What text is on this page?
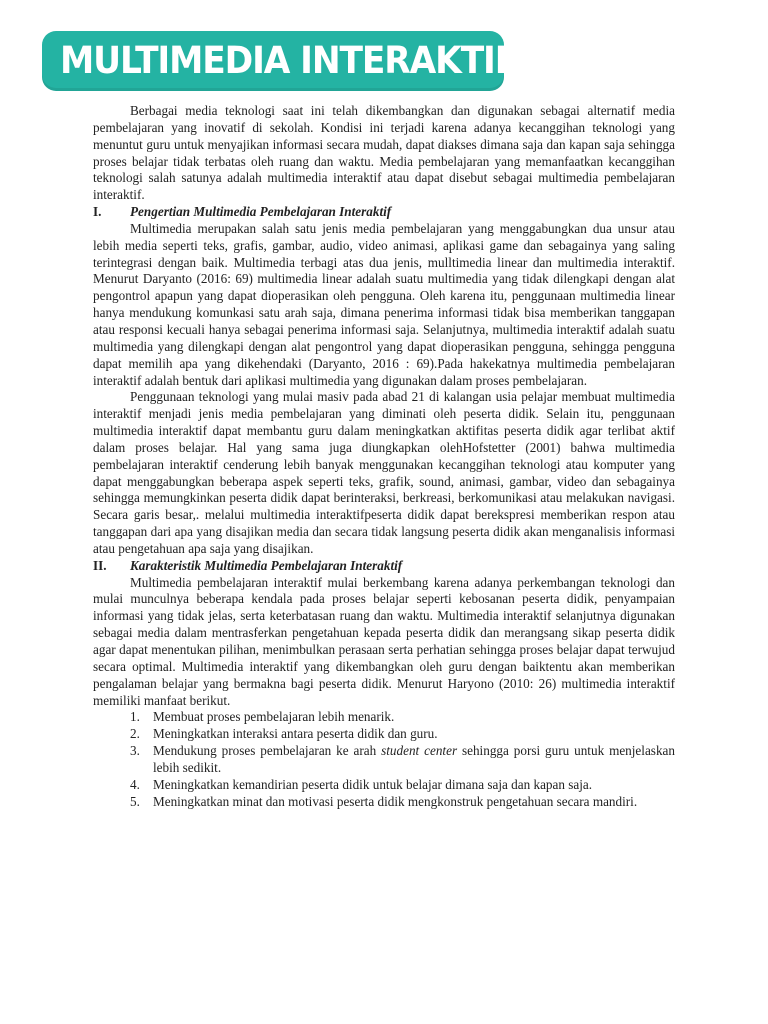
MULTIMEDIA INTERAKTIF

Berbagai media teknologi saat ini telah dikembangkan dan digunakan sebagai alternatif media pembelajaran yang inovatif di sekolah. Kondisi ini terjadi karena adanya kecanggihan teknologi yang menuntut guru untuk menyajikan informasi secara mudah, dapat diakses dimana saja dan kapan saja sehingga proses belajar tidak terbatas oleh ruang dan waktu. Media pembelajaran yang memanfaatkan kecanggihan teknologi salah satunya adalah multimedia interaktif atau dapat disebut sebagai multimedia pembelajaran interaktif.

I.	Pengertian Multimedia Pembelajaran Interaktif

Multimedia merupakan salah satu jenis media pembelajaran yang menggabungkan dua unsur atau lebih media seperti teks, grafis, gambar, audio, video animasi, aplikasi game dan sebagainya yang saling terintegrasi dengan baik. Multimedia terbagi atas dua jenis, mulltimedia linear dan multimedia interaktif. Menurut Daryanto (2016: 69) multimedia linear adalah suatu multimedia yang tidak dilengkapi dengan alat pengontrol apapun yang dapat dioperasikan oleh pengguna. Oleh karena itu, penggunaan multimedia linear hanya mendukung komunkasi satu arah saja, dimana penerima informasi tidak bisa memberikan tanggapan atau responsi kecuali hanya sebagai penerima informasi saja. Selanjutnya, multimedia interaktif adalah suatu multimedia yang dilengkapi dengan alat pengontrol yang dapat dioperasikan pengguna, sehingga pengguna dapat memilih apa yang dikehendaki (Daryanto, 2016 : 69).Pada hakekatnya multimedia pembelajaran interaktif adalah bentuk dari aplikasi multimedia yang digunakan dalam proses pembelajaran.

Penggunaan teknologi yang mulai masiv pada abad 21 di kalangan usia pelajar membuat multimedia interaktif menjadi jenis media pembelajaran yang diminati oleh peserta didik. Selain itu, penggunaan multimedia interaktif dapat membantu guru dalam meningkatkan aktifitas peserta didik agar terlibat aktif dalam proses belajar. Hal yang sama juga diungkapkan olehHofstetter (2001) bahwa multimedia pembelajaran interaktif cenderung lebih banyak menggunakan kecanggihan teknologi atau komputer yang dapat menggabungkan beberapa aspek seperti teks, grafik, sound, animasi, gambar, video dan sebagainya sehingga memungkinkan peserta didik dapat berinteraksi, berkreasi, berkomunikasi atau melakukan navigasi. Secara garis besar,. melalui multimedia interaktifpeserta didik dapat berekspresi memberikan respon atau tanggapan dari apa yang disajikan media dan secara tidak langsung peserta didik akan menganalisis informasi atau pengetahuan apa saja yang disajikan.

II.	Karakteristik Multimedia Pembelajaran Interaktif

Multimedia pembelajaran interaktif mulai berkembang karena adanya perkembangan teknologi dan mulai munculnya beberapa kendala pada proses belajar seperti kebosanan peserta didik, penyampaian informasi yang tidak jelas, serta keterbatasan ruang dan waktu. Multimedia interaktif selanjutnya digunakan sebagai media dalam mentrasferkan pengetahuan kepada peserta didik dan merangsang sikap peserta didik agar dapat menentukan pilihan, menimbulkan perasaan serta perhatian sehingga proses belajar dapat terwujud secara optimal. Multimedia interaktif yang dikembangkan oleh guru dengan baiktentu akan memberikan pengalaman belajar yang bermakna bagi peserta didik. Menurut Haryono (2010: 26) multimedia interaktif memiliki manfaat berikut.

1. Membuat proses pembelajaran lebih menarik.
2. Meningkatkan interaksi antara peserta didik dan guru.
3. Mendukung proses pembelajaran ke arah student center sehingga porsi guru untuk menjelaskan lebih sedikit.
4. Meningkatkan kemandirian peserta didik untuk belajar dimana saja dan kapan saja.
5. Meningkatkan minat dan motivasi peserta didik mengkonstruk pengetahuan secara mandiri.
